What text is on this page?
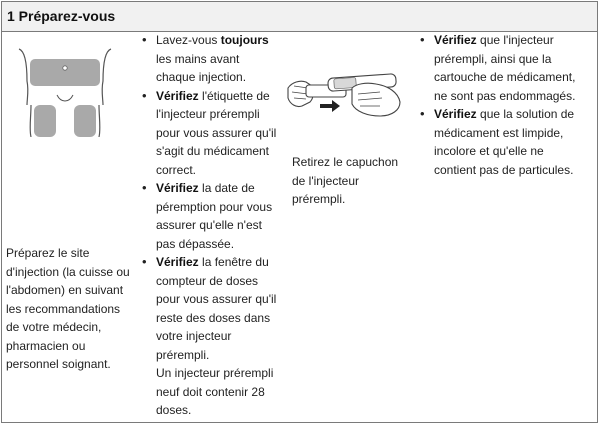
1 Préparez-vous
Préparez le site d'injection (la cuisse ou l'abdomen) en suivant les recommandations de votre médecin, pharmacien ou personnel soignant.
• Lavez-vous toujours les mains avant chaque injection.
• Vérifiez l'étiquette de l'injecteur prérempli pour vous assurer qu'il s'agit du médicament correct.
• Vérifiez la date de péremption pour vous assurer qu'elle n'est pas dépassée.
• Vérifiez la fenêtre du compteur de doses pour vous assurer qu'il reste des doses dans votre injecteur prérempli.
Un injecteur prérempli neuf doit contenir 28 doses.
Retirez le capuchon de l'injecteur prérempli.
• Vérifiez que l'injecteur prérempli, ainsi que la cartouche de médicament, ne sont pas endommagés.
• Vérifiez que la solution de médicament est limpide, incolore et qu'elle ne contient pas de particules.
